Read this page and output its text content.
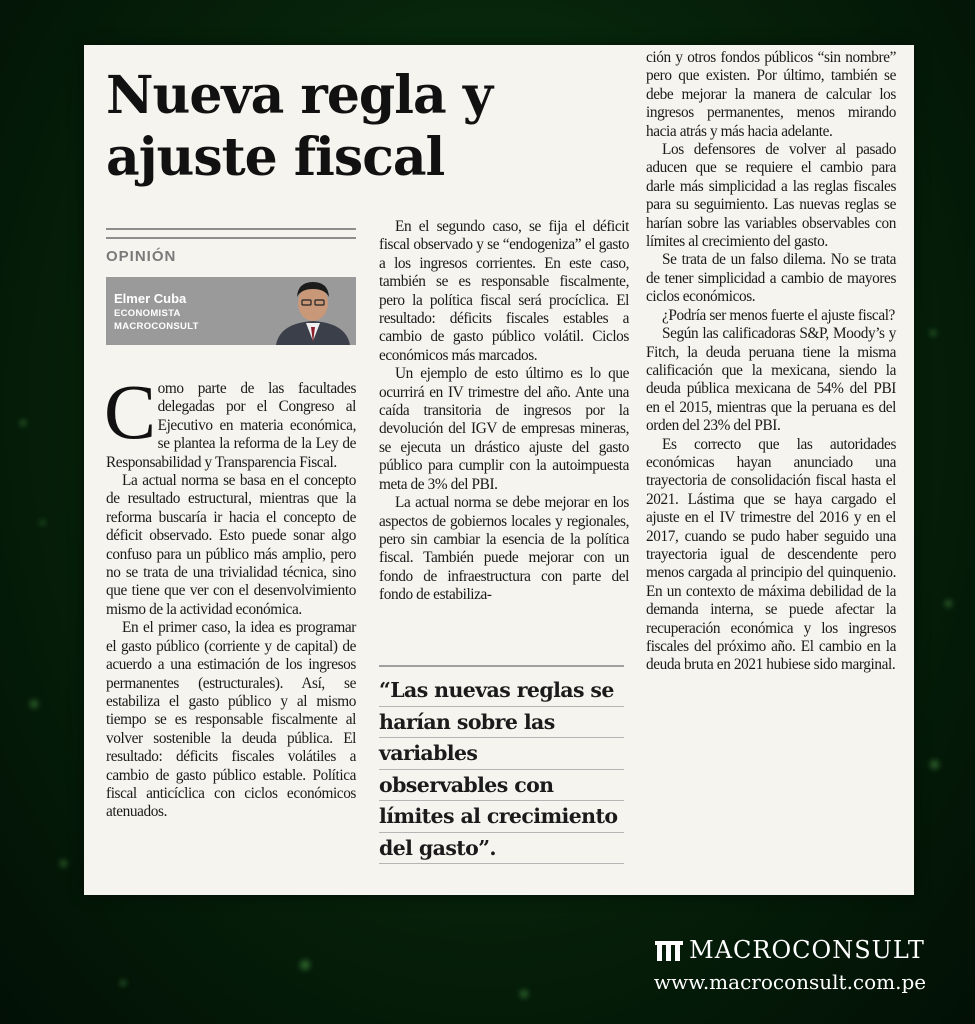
Nueva regla y ajuste fiscal
OPINIÓN
Elmer Cuba
ECONOMISTA
MACROCONSULT

Como parte de las facultades delegadas por el Congreso al Ejecutivo en materia económica, se plantea la reforma de la Ley de Responsabilidad y Transparencia Fiscal.

La actual norma se basa en el concepto de resultado estructural, mientras que la reforma buscaría ir hacia el concepto de déficit observado. Esto puede sonar algo confuso para un público más amplio, pero no se trata de una trivialidad técnica, sino que tiene que ver con el desenvolvimiento mismo de la actividad económica.

En el primer caso, la idea es programar el gasto público (corriente y de capital) de acuerdo a una estimación de los ingresos permanentes (estructurales). Así, se estabiliza el gasto público y al mismo tiempo se es responsable fiscalmente al volver sostenible la deuda pública. El resultado: déficits fiscales volátiles a cambio de gasto público estable. Política fiscal anticíclica con ciclos económicos atenuados.

En el segundo caso, se fija el déficit fiscal observado y se “endogeniza” el gasto a los ingresos corrientes. En este caso, también se es responsable fiscalmente, pero la política fiscal será procíclica. El resultado: déficits fiscales estables a cambio de gasto público volátil. Ciclos económicos más marcados.

Un ejemplo de esto último es lo que ocurrirá en IV trimestre del año. Ante una caída transitoria de ingresos por la devolución del IGV de empresas mineras, se ejecuta un drástico ajuste del gasto público para cumplir con la autoimpuesta meta de 3% del PBI.

La actual norma se debe mejorar en los aspectos de gobiernos locales y regionales, pero sin cambiar la esencia de la política fiscal. También puede mejorar con un fondo de infraestructura con parte del fondo de estabiliza-

“Las nuevas reglas se
harían sobre las
variables
observables con
límites al crecimiento
del gasto”.

ción y otros fondos públicos “sin nombre” pero que existen. Por último, también se debe mejorar la manera de calcular los ingresos permanentes, menos mirando hacia atrás y más hacia adelante.

Los defensores de volver al pasado aducen que se requiere el cambio para darle más simplicidad a las reglas fiscales para su seguimiento. Las nuevas reglas se harían sobre las variables observables con límites al crecimiento del gasto.

Se trata de un falso dilema. No se trata de tener simplicidad a cambio de mayores ciclos económicos.

¿Podría ser menos fuerte el ajuste fiscal?

Según las calificadoras S&P, Moody’s y Fitch, la deuda peruana tiene la misma calificación que la mexicana, siendo la deuda pública mexicana de 54% del PBI en el 2015, mientras que la peruana es del orden del 23% del PBI.

Es correcto que las autoridades económicas hayan anunciado una trayectoria de consolidación fiscal hasta el 2021. Lástima que se haya cargado el ajuste en el IV trimestre del 2016 y en el 2017, cuando se pudo haber seguido una trayectoria igual de descendente pero menos cargada al principio del quinquenio. En un contexto de máxima debilidad de la demanda interna, se puede afectar la recuperación económica y los ingresos fiscales del próximo año. El cambio en la deuda bruta en 2021 hubiese sido marginal.

MACROCONSULT
www.macroconsult.com.pe
